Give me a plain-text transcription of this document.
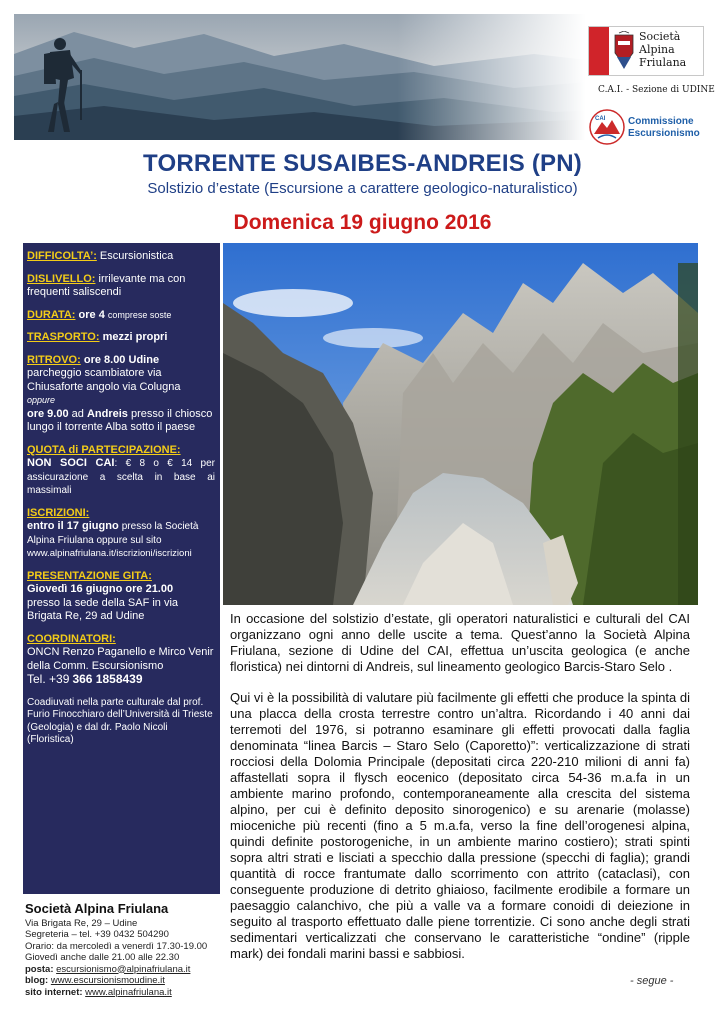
Società
Alpina
Friulana
C.A.I. - Sezione di UDINE
CAI Commissione
Escursionismo
TORRENTE SUSAIBES-ANDREIS (PN)
Solstizio d’estate (Escursione a carattere geologico-naturalistico)
Domenica 19 giugno 2016
DIFFICOLTA’: Escursionistica
DISLIVELLO: irrilevante ma con frequenti saliscendi
DURATA: ore 4 comprese soste
TRASPORTO: mezzi propri
RITROVO: ore 8.00 Udine
parcheggio scambiatore via Chiusaforte angolo via Colugna
oppure
ore 9.00 ad Andreis presso il chiosco lungo il torrente Alba sotto il paese
QUOTA di PARTECIPAZIONE:
NON SOCI CAI: € 8 o € 14 per assicurazione a scelta in base ai massimali
ISCRIZIONI:
entro il 17 giugno presso la Società Alpina Friulana oppure sul sito
www.alpinafriulana.it/iscrizioni/iscrizioni
PRESENTAZIONE GITA:
Giovedì 16 giugno ore 21.00
presso la sede della SAF in via Brigata Re, 29 ad Udine
COORDINATORI:
ONCN Renzo Paganello e Mirco Venir della Comm. Escursionismo
Tel. +39 366 1858439
Coadiuvati nella parte culturale dal prof. Furio Finocchiaro dell’Università di Trieste (Geologia) e dal dr. Paolo Nicoli (Floristica)

In occasione del solstizio d’estate, gli operatori naturalistici e culturali del CAI organizzano ogni anno delle uscite a tema. Quest’anno la Società Alpina Friulana, sezione di Udine del CAI, effettua un’uscita geologica (e anche floristica) nei dintorni di Andreis, sul lineamento geologico Barcis-Staro Selo .

Qui vi è la possibilità di valutare più facilmente gli effetti che produce la spinta di una placca della crosta terrestre contro un’altra. Ricordando i 40 anni dai terremoti del 1976, si potranno esaminare gli effetti provocati dalla faglia denominata “linea Barcis – Staro Selo (Caporetto)”: verticalizzazione di strati rocciosi della Dolomia Principale (depositati circa 220-210 milioni di anni fa) affastellati sopra il flysch eocenico (depositato circa 54-36 m.a.fa in un ambiente marino profondo, contemporaneamente alla crescita del sistema alpino, per cui è definito deposito sinorogenico) e su arenarie (molasse) mioceniche più recenti (fino a 5 m.a.fa, verso la fine dell’orogenesi alpina, quindi definite postorogeniche, in un ambiente marino costiero); strati spinti sopra altri strati e lisciati a specchio dalla pressione (specchi di faglia); grandi quantità di rocce frantumate dallo scorrimento con attrito (cataclasi), con conseguente produzione di detrito ghiaioso, facilmente erodibile a formare un paesaggio calanchivo, che più a valle va a formare conoidi di deiezione in seguito al trasporto effettuato dalle piene torrentizie. Ci sono anche degli strati sedimentari verticalizzati che conservano le caratteristiche “ondine” (ripple mark) dei fondali marini bassi e sabbiosi.

- segue -
Società Alpina Friulana
Via Brigata Re, 29 – Udine
Segreteria – tel. +39 0432 504290
Orario: da mercoledì a venerdì 17.30-19.00
Giovedì anche dalle 21.00 alle 22.30
posta: escursionismo@alpinafriulana.it
blog: www.escursionismoudine.it
sito internet: www.alpinafriulana.it
